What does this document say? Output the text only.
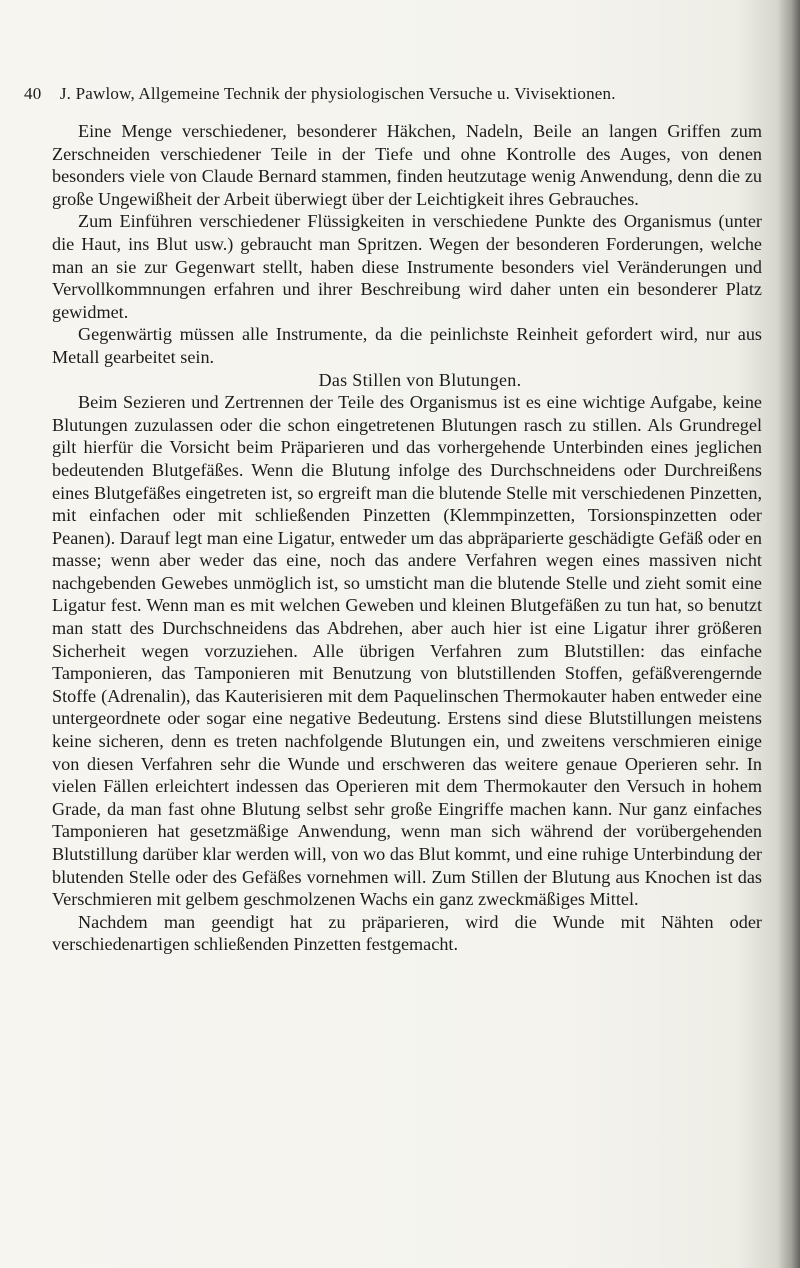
40 J. Pawlow, Allgemeine Technik der physiologischen Versuche u. Vivisektionen.

Eine Menge verschiedener, besonderer Häkchen, Nadeln, Beile an langen Griffen zum Zerschneiden verschiedener Teile in der Tiefe und ohne Kontrolle des Auges, von denen besonders viele von Claude Bernard stammen, finden heutzutage wenig Anwendung, denn die zu große Ungewißheit der Arbeit überwiegt über der Leichtigkeit ihres Gebrauches.

Zum Einführen verschiedener Flüssigkeiten in verschiedene Punkte des Organismus (unter die Haut, ins Blut usw.) gebraucht man Spritzen. Wegen der besonderen Forderungen, welche man an sie zur Gegenwart stellt, haben diese Instrumente besonders viel Veränderungen und Vervollkommnungen erfahren und ihrer Beschreibung wird daher unten ein besonderer Platz gewidmet.

Gegenwärtig müssen alle Instrumente, da die peinlichste Reinheit gefordert wird, nur aus Metall gearbeitet sein.

Das Stillen von Blutungen.

Beim Sezieren und Zertrennen der Teile des Organismus ist es eine wichtige Aufgabe, keine Blutungen zuzulassen oder die schon eingetretenen Blutungen rasch zu stillen. Als Grundregel gilt hierfür die Vorsicht beim Präparieren und das vorhergehende Unterbinden eines jeglichen bedeutenden Blutgefäßes. Wenn die Blutung infolge des Durchschneidens oder Durchreißens eines Blutgefäßes eingetreten ist, so ergreift man die blutende Stelle mit verschiedenen Pinzetten, mit einfachen oder mit schließenden Pinzetten (Klemmpinzetten, Torsionspinzetten oder Peanen). Darauf legt man eine Ligatur, entweder um das abpräparierte geschädigte Gefäß oder en masse; wenn aber weder das eine, noch das andere Verfahren wegen eines massiven nicht nachgebenden Gewebes unmöglich ist, so umsticht man die blutende Stelle und zieht somit eine Ligatur fest. Wenn man es mit welchen Geweben und kleinen Blutgefäßen zu tun hat, so benutzt man statt des Durchschneidens das Abdrehen, aber auch hier ist eine Ligatur ihrer größeren Sicherheit wegen vorzuziehen. Alle übrigen Verfahren zum Blutstillen: das einfache Tamponieren, das Tamponieren mit Benutzung von blutstillenden Stoffen, gefäßverengernde Stoffe (Adrenalin), das Kauterisieren mit dem Paquelinschen Thermokauter haben entweder eine untergeordnete oder sogar eine negative Bedeutung. Erstens sind diese Blutstillungen meistens keine sicheren, denn es treten nachfolgende Blutungen ein, und zweitens verschmieren einige von diesen Verfahren sehr die Wunde und erschweren das weitere genaue Operieren sehr. In vielen Fällen erleichtert indessen das Operieren mit dem Thermokauter den Versuch in hohem Grade, da man fast ohne Blutung selbst sehr große Eingriffe machen kann. Nur ganz einfaches Tamponieren hat gesetzmäßige Anwendung, wenn man sich während der vorübergehenden Blutstillung darüber klar werden will, von wo das Blut kommt, und eine ruhige Unterbindung der blutenden Stelle oder des Gefäßes vornehmen will. Zum Stillen der Blutung aus Knochen ist das Verschmieren mit gelbem geschmolzenen Wachs ein ganz zweckmäßiges Mittel.

Nachdem man geendigt hat zu präparieren, wird die Wunde mit Nähten oder verschiedenartigen schließenden Pinzetten festgemacht.
